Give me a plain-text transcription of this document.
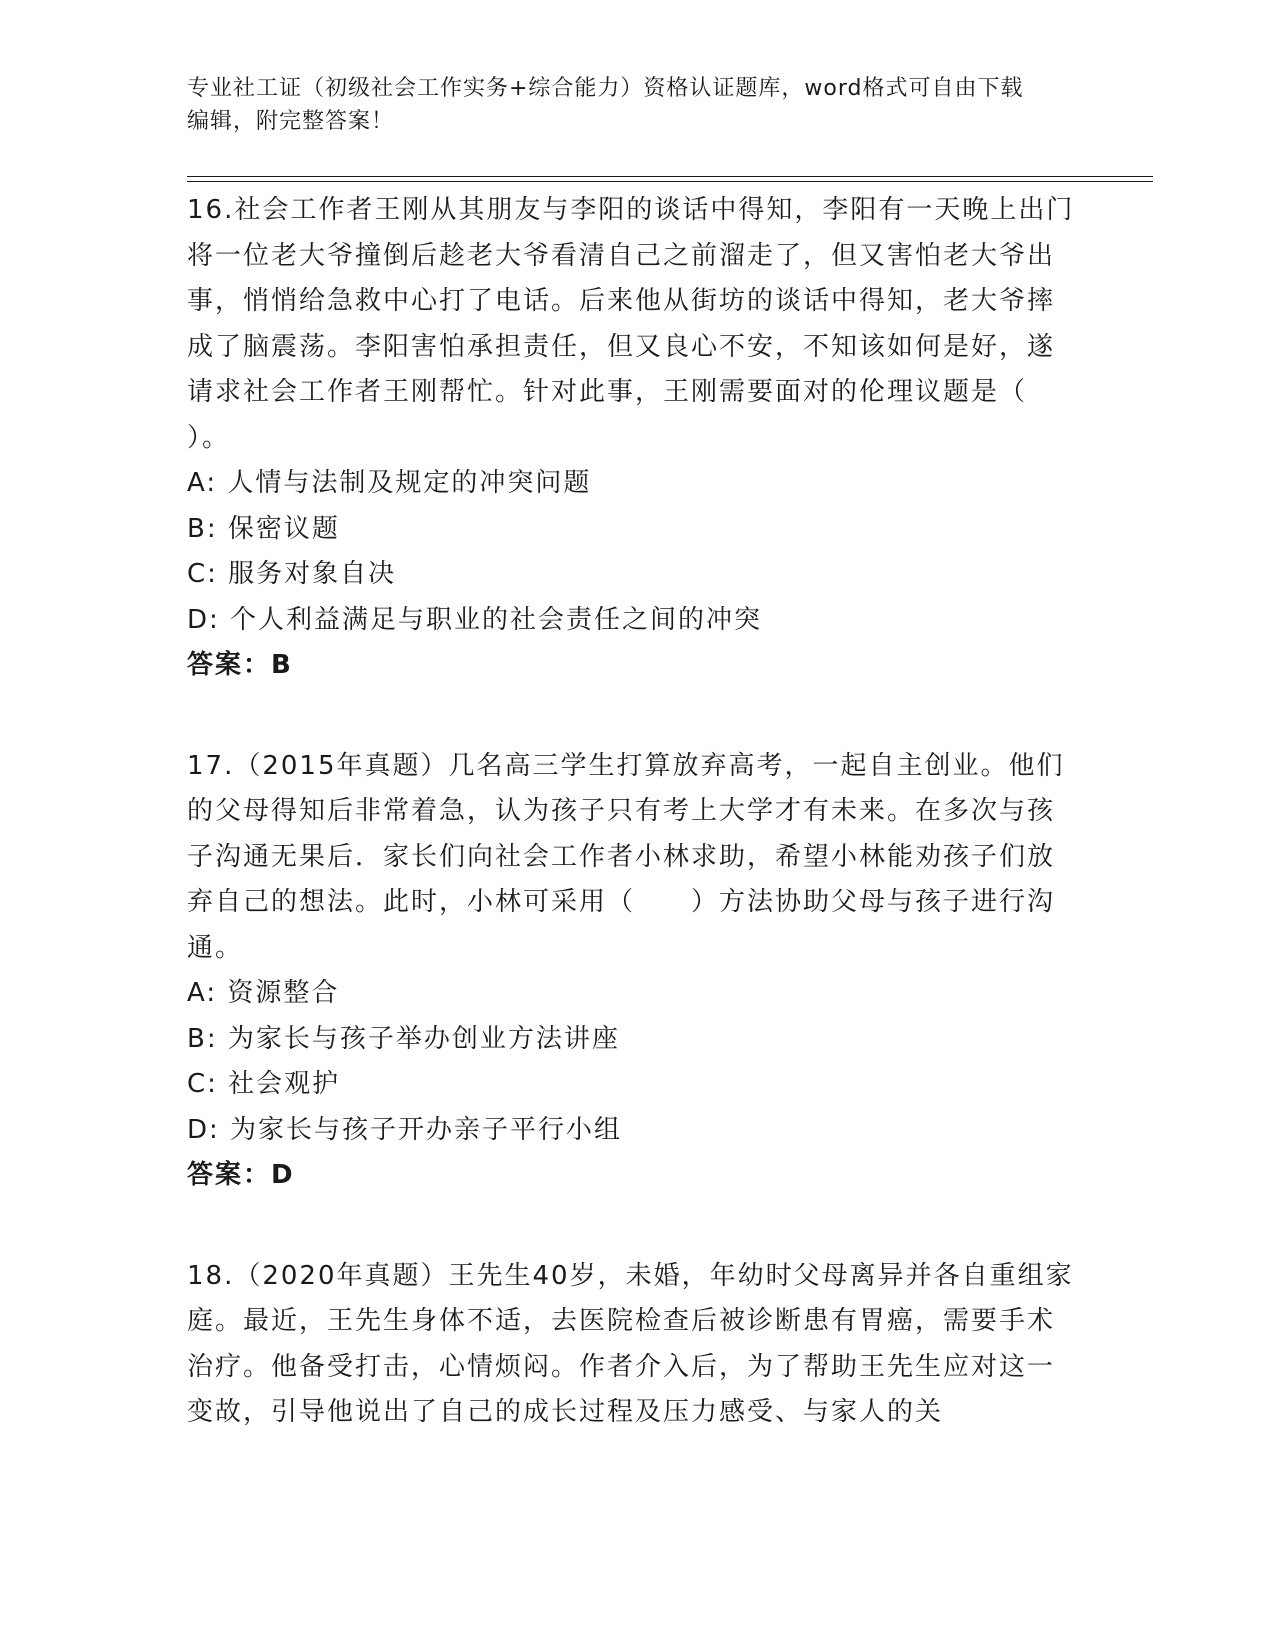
专业社工证（初级社会工作实务+综合能力）资格认证题库，word格式可自由下载
编辑，附完整答案！

16.社会工作者王刚从其朋友与李阳的谈话中得知，李阳有一天晚上出门将一位老大爷撞倒后趁老大爷看清自己之前溜走了，但又害怕老大爷出事，悄悄给急救中心打了电话。后来他从街坊的谈话中得知，老大爷摔成了脑震荡。李阳害怕承担责任，但又良心不安，不知该如何是好，遂请求社会工作者王刚帮忙。针对此事，王刚需要面对的伦理议题是（ ）。

A: 人情与法制及规定的冲突问题

B: 保密议题

C: 服务对象自决

D: 个人利益满足与职业的社会责任之间的冲突

答案：B

17.（2015年真题）几名高三学生打算放弃高考，一起自主创业。他们的父母得知后非常着急，认为孩子只有考上大学才有未来。在多次与孩子沟通无果后．家长们向社会工作者小林求助，希望小林能劝孩子们放弃自己的想法。此时，小林可采用（　　）方法协助父母与孩子进行沟通。

A: 资源整合

B: 为家长与孩子举办创业方法讲座

C: 社会观护

D: 为家长与孩子开办亲子平行小组

答案：D

18.（2020年真题）王先生40岁，未婚，年幼时父母离异并各自重组家庭。最近，王先生身体不适，去医院检查后被诊断患有胃癌，需要手术治疗。他备受打击，心情烦闷。作者介入后，为了帮助王先生应对这一变故，引导他说出了自己的成长过程及压力感受、与家人的关
